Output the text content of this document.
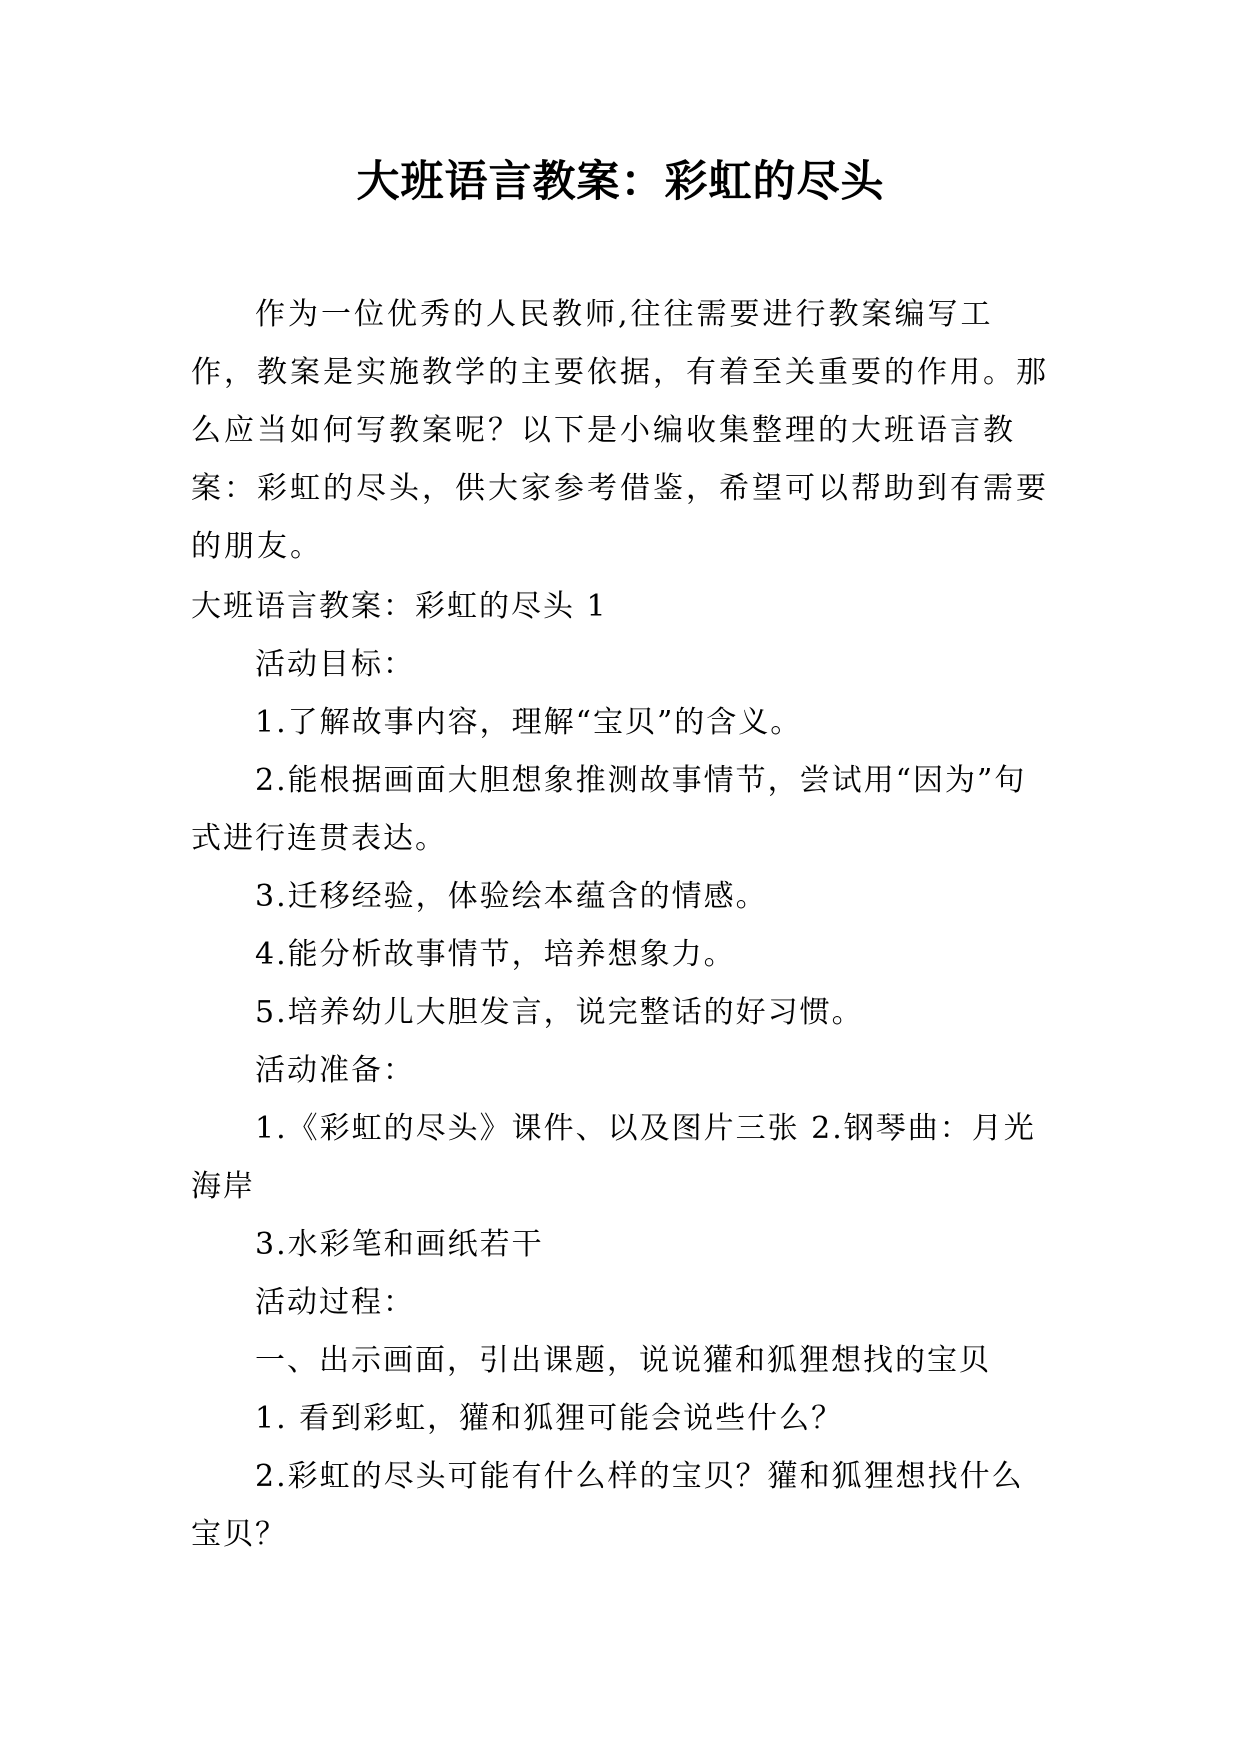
大班语言教案：彩虹的尽头

作为一位优秀的人民教师,往往需要进行教案编写工作，教案是实施教学的主要依据，有着至关重要的作用。那么应当如何写教案呢？以下是小编收集整理的大班语言教案：彩虹的尽头，供大家参考借鉴，希望可以帮助到有需要的朋友。

大班语言教案：彩虹的尽头 1

活动目标：

1.了解故事内容，理解“宝贝”的含义。

2.能根据画面大胆想象推测故事情节，尝试用“因为”句式进行连贯表达。

3.迁移经验，体验绘本蕴含的情感。

4.能分析故事情节，培养想象力。

5.培养幼儿大胆发言，说完整话的好习惯。

活动准备：

1.《彩虹的尽头》课件、以及图片三张 2.钢琴曲：月光海岸

3.水彩笔和画纸若干

活动过程：

一、出示画面，引出课题，说说獾和狐狸想找的宝贝

1. 看到彩虹，獾和狐狸可能会说些什么？

2.彩虹的尽头可能有什么样的宝贝？獾和狐狸想找什么宝贝？
